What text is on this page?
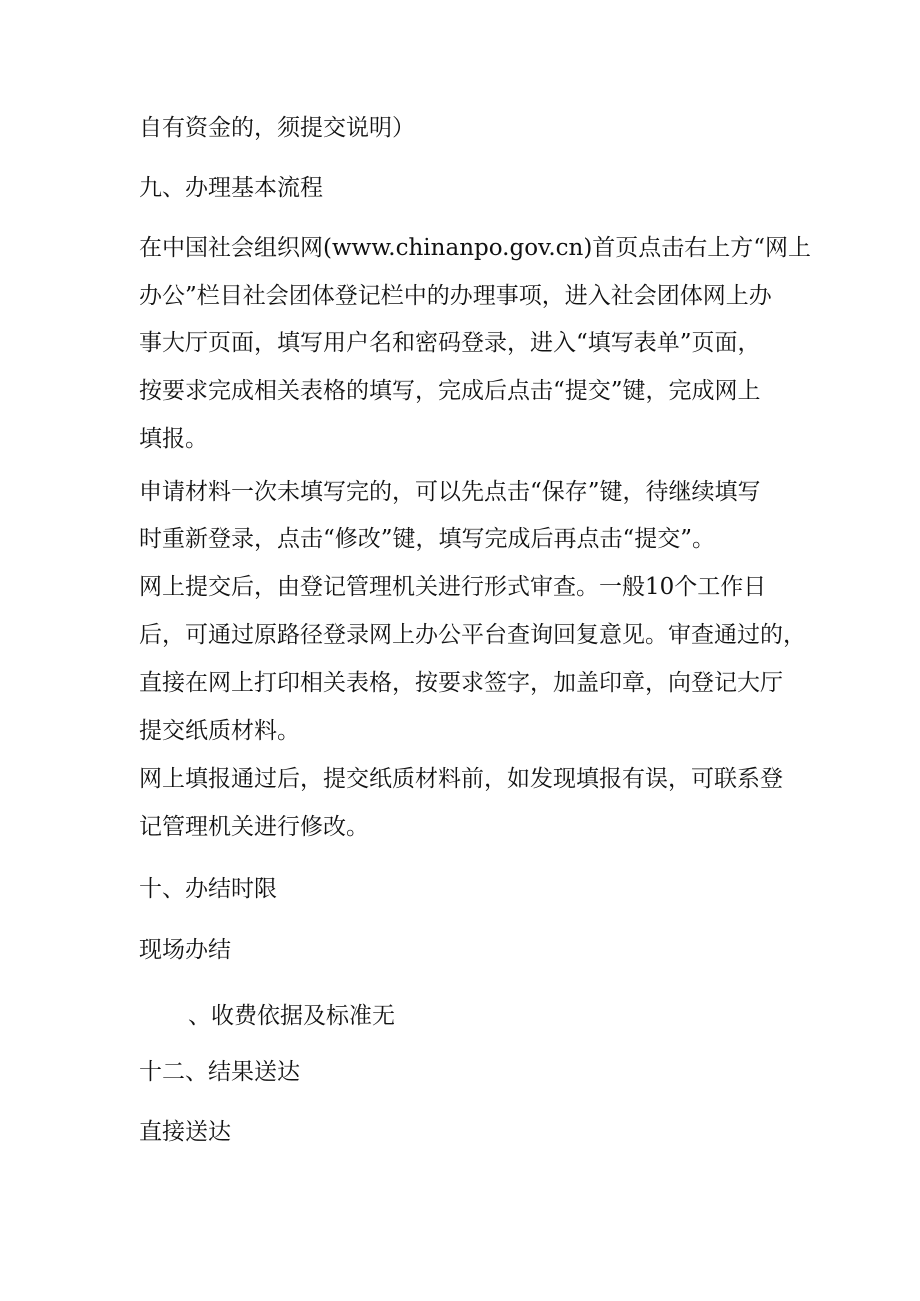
自有资金的，须提交说明）
九、办理基本流程
在中国社会组织网(www.chinanpo.gov.cn)首页点击右上方“网上
办公”栏目社会团体登记栏中的办理事项，进入社会团体网上办
事大厅页面，填写用户名和密码登录，进入“填写表单”页面，
按要求完成相关表格的填写，完成后点击“提交”键，完成网上
填报。
申请材料一次未填写完的，可以先点击“保存”键，待继续填写
时重新登录，点击“修改”键，填写完成后再点击“提交”。
网上提交后，由登记管理机关进行形式审查。一般10个工作日
后，可通过原路径登录网上办公平台查询回复意见。审查通过的，
直接在网上打印相关表格，按要求签字，加盖印章，向登记大厅
提交纸质材料。
网上填报通过后，提交纸质材料前，如发现填报有误，可联系登
记管理机关进行修改。
十、办结时限
现场办结
、收费依据及标准无
十二、结果送达
直接送达
